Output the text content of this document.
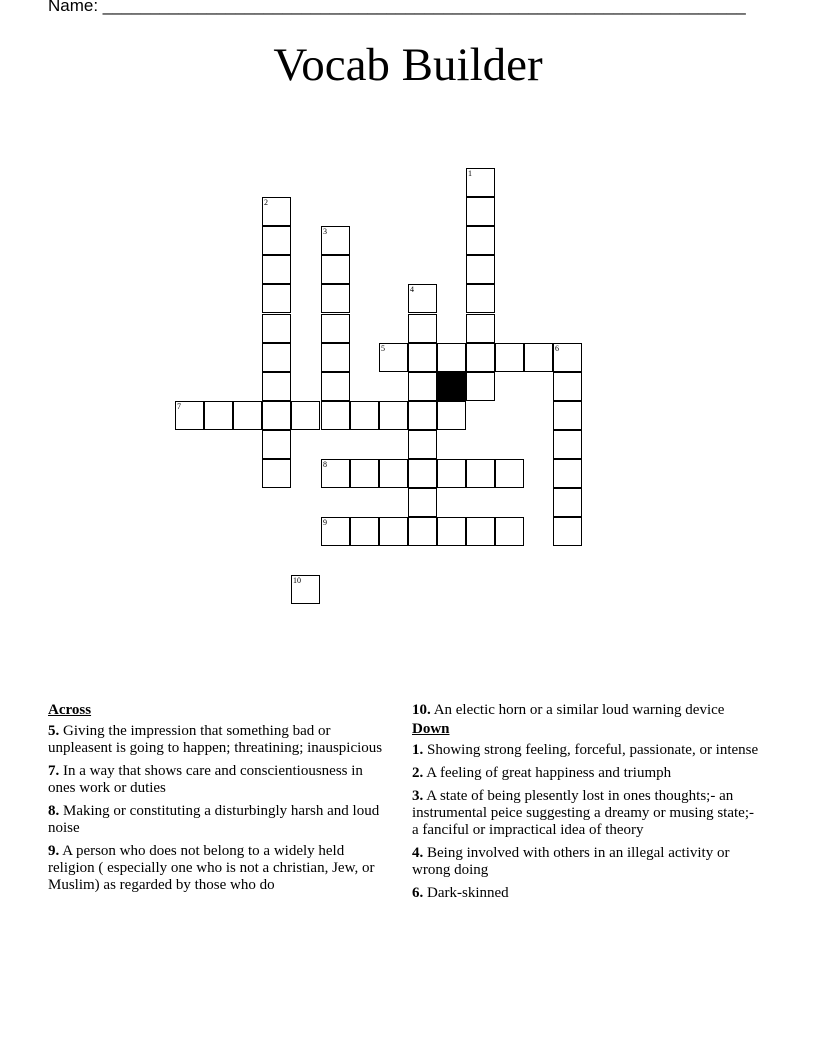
Name: ____________________________________________________________________
Vocab Builder
1
2
3
4
5	6
7
8
9
10
Across
5. Giving the impression that something bad or unpleasent is going to happen; threatining; inauspicious
7. In a way that shows care and conscientiousness in ones work or duties
8. Making or constituting a disturbingly harsh and loud noise
9. A person who does not belong to a widely held religion ( especially one who is not a christian, Jew, or Muslim) as regarded by those who do
10. An electic horn or a similar loud warning device
Down
1. Showing strong feeling, forceful, passionate, or intense
2. A feeling of great happiness and triumph
3. A state of being plesently lost in ones thoughts;- an instrumental peice suggesting a dreamy or musing state;- a fanciful or impractical idea of theory
4. Being involved with others in an illegal activity or wrong doing
6. Dark-skinned
